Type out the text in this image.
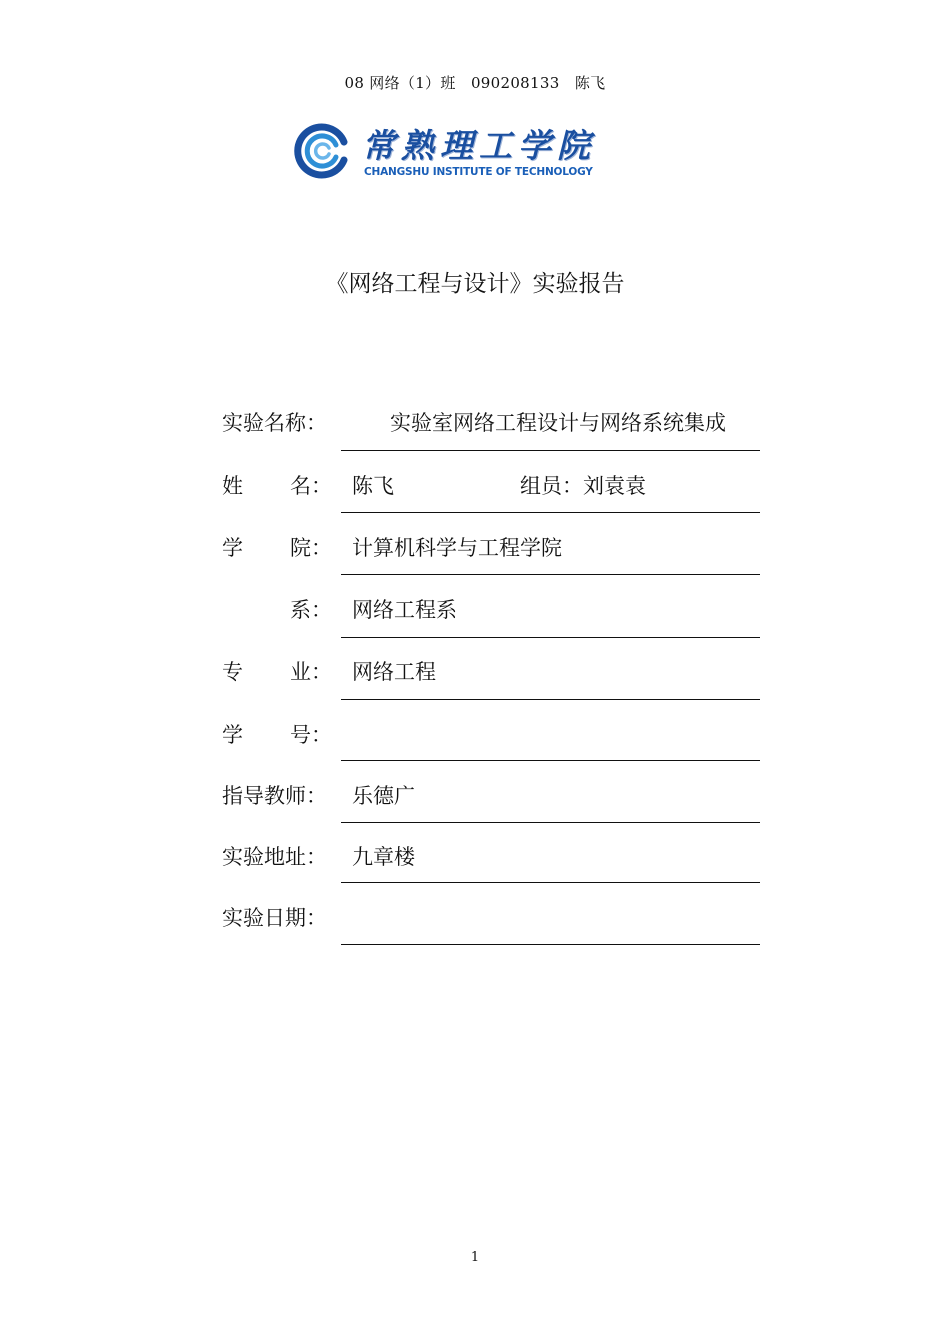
08 网络（1）班　090208133　陈飞
常熟理工学院
CHANGSHU INSTITUTE OF TECHNOLOGY
《网络工程与设计》实验报告
实验名称：	实验室网络工程设计与网络系统集成
姓 名： 陈飞	组员：刘袁袁
学 院： 计算机科学与工程学院
系： 网络工程系
专 业： 网络工程
学 号：
指导教师： 乐德广
实验地址： 九章楼
实验日期：
1
